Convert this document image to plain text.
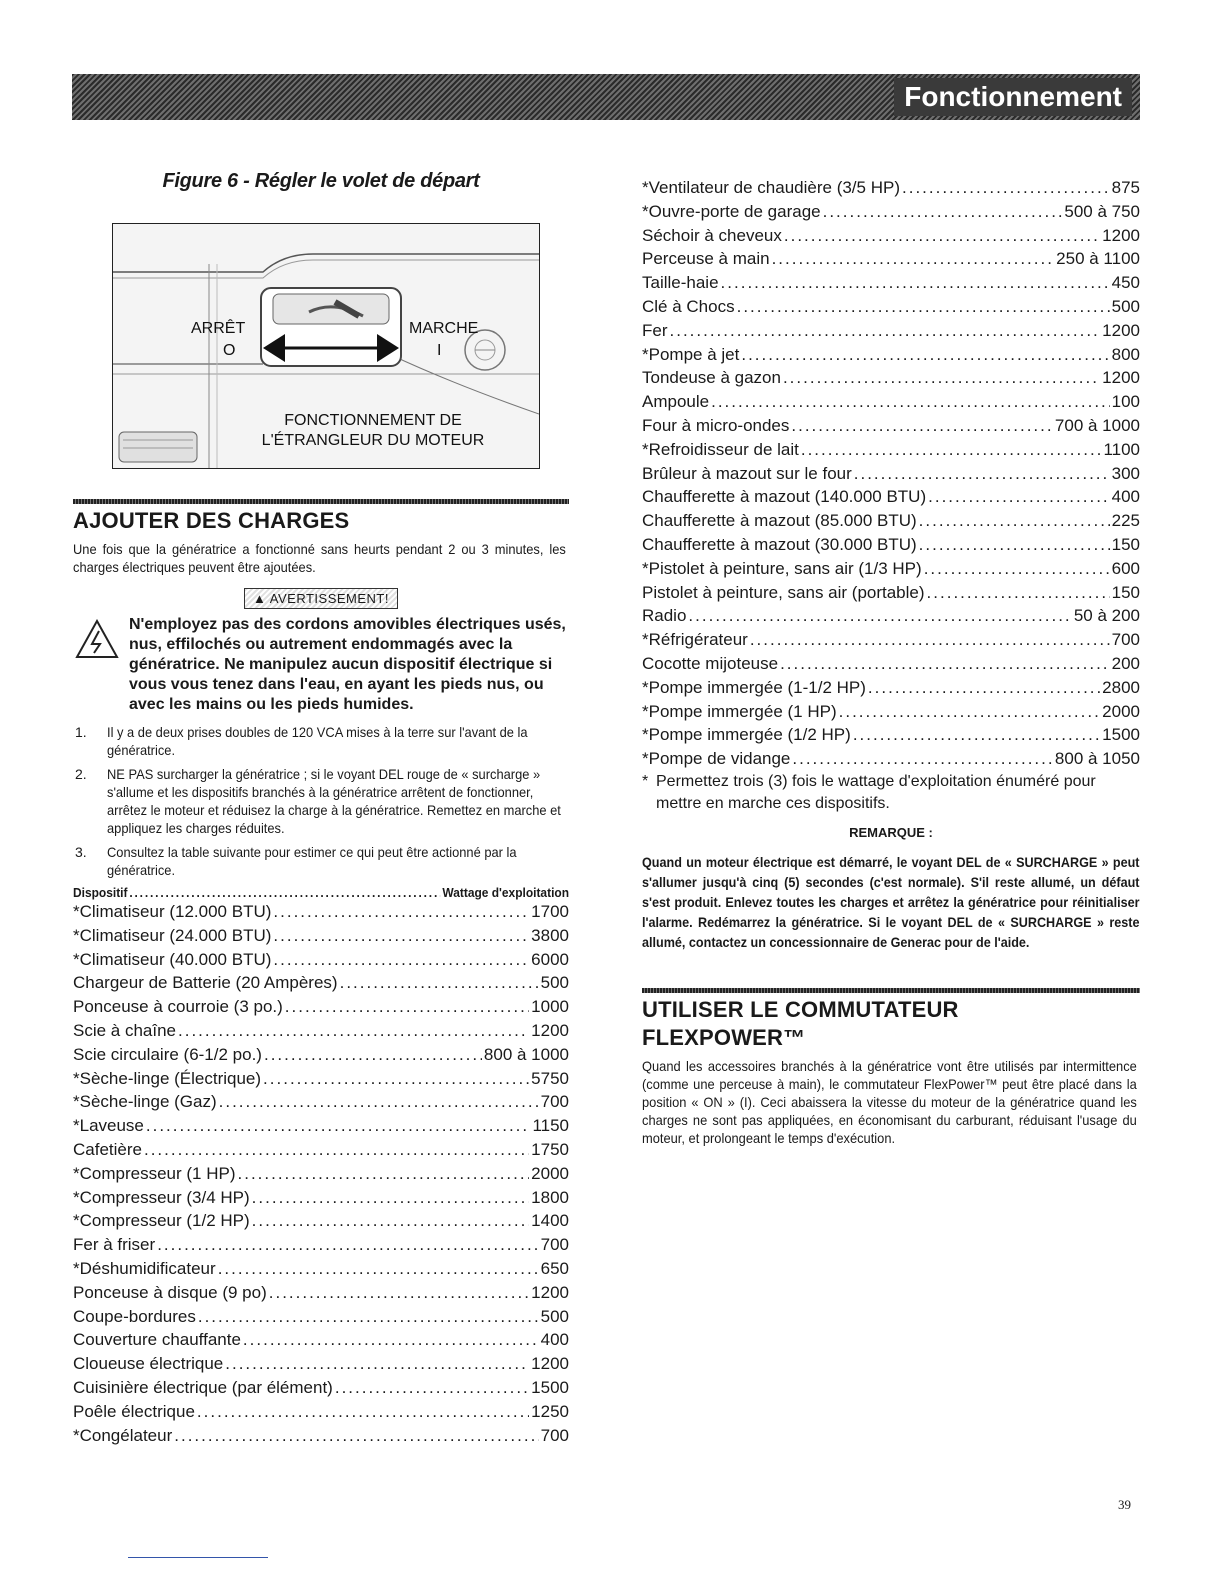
Fonctionnement
Figure 6 - Régler le volet de départ
ARRÊT
O
MARCHE
I
FONCTIONNEMENT DE
L'ÉTRANGLEUR DU MOTEUR
AJOUTER DES CHARGES

Une fois que la génératrice a fonctionné sans heurts pendant 2 ou 3 minutes, les charges électriques peuvent être ajoutées.

▲ AVERTISSEMENT!

N'employez pas des cordons amovibles électriques usés, nus, effilochés ou autrement endommagés avec la génératrice. Ne manipulez aucun dispositif électrique si vous vous tenez dans l'eau, en ayant les pieds nus, ou avec les mains ou les pieds humides.

1. Il y a de deux prises doubles de 120 VCA mises à la terre sur l'avant de la génératrice.
2. NE PAS surcharger la génératrice ; si le voyant DEL rouge de « surcharge » s'allume et les dispositifs branchés à la génératrice arrêtent de fonctionner, arrêtez le moteur et réduisez la charge à la génératrice. Remettez en marche et appliquez les charges réduites.
3. Consultez la table suivante pour estimer ce qui peut être actionné par la génératrice.
Dispositif .....	Wattage d'exploitation
*Climatiseur (12.000 BTU) .....	1700
*Climatiseur (24.000 BTU) .....	3800
*Climatiseur (40.000 BTU) .....	6000
Chargeur de Batterie (20 Ampères) .....	500
Ponceuse à courroie (3 po.) .....	1000
Scie à chaîne .....	1200
Scie circulaire (6-1/2 po.) .....	800 à 1000
*Sèche-linge (Électrique) .....	5750
*Sèche-linge (Gaz) .....	700
*Laveuse .....	1150
Cafetière .....	1750
*Compresseur (1 HP) .....	2000
*Compresseur (3/4 HP) .....	1800
*Compresseur (1/2 HP) .....	1400
Fer à friser .....	700
*Déshumidificateur .....	650
Ponceuse à disque (9 po) .....	1200
Coupe-bordures .....	500
Couverture chauffante .....	400
Cloueuse électrique .....	1200
Cuisinière électrique (par élément) .....	1500
Poêle électrique .....	1250
*Congélateur .....	700
*Ventilateur de chaudière (3/5 HP) .....	875
*Ouvre-porte de garage .....	500 à 750
Séchoir à cheveux .....	1200
Perceuse à main .....	250 à 1100
Taille-haie .....	450
Clé à Chocs .....	500
Fer .....	1200
*Pompe à jet .....	800
Tondeuse à gazon .....	1200
Ampoule .....	100
Four à micro-ondes .....	700 à 1000
*Refroidisseur de lait .....	1100
Brûleur à mazout sur le four .....	300
Chaufferette à mazout (140.000 BTU) .....	400
Chaufferette à mazout (85.000 BTU) .....	225
Chaufferette à mazout (30.000 BTU) .....	150
*Pistolet à peinture, sans air (1/3 HP) .....	600
Pistolet à peinture, sans air (portable) .....	150
Radio .....	50 à 200
*Réfrigérateur .....	700
Cocotte mijoteuse .....	200
*Pompe immergée (1-1/2 HP) .....	2800
*Pompe immergée (1 HP) .....	2000
*Pompe immergée (1/2 HP) .....	1500
*Pompe de vidange .....	800 à 1050
* Permettez trois (3) fois le wattage d'exploitation énuméré pour
mettre en marche ces dispositifs.
REMARQUE :
Quand un moteur électrique est démarré, le voyant DEL de « SURCHARGE » peut s'allumer jusqu'à cinq (5) secondes (c'est normale). S'il reste allumé, un défaut s'est produit. Enlevez toutes les charges et arrêtez la génératrice pour réinitialiser l'alarme. Redémarrez la génératrice. Si le voyant DEL de « SURCHARGE » reste allumé, contactez un concessionnaire de Generac pour de l'aide.
UTILISER LE COMMUTATEUR
FLEXPOWER™

Quand les accessoires branchés à la génératrice vont être utilisés par intermittence (comme une perceuse à main), le commutateur FlexPower™ peut être placé dans la position « ON » (I). Ceci abaissera la vitesse du moteur de la génératrice quand les charges ne sont pas appliquées, en économisant du carburant, réduisant l'usage du moteur, et prolongeant le temps d'exécution.

39
